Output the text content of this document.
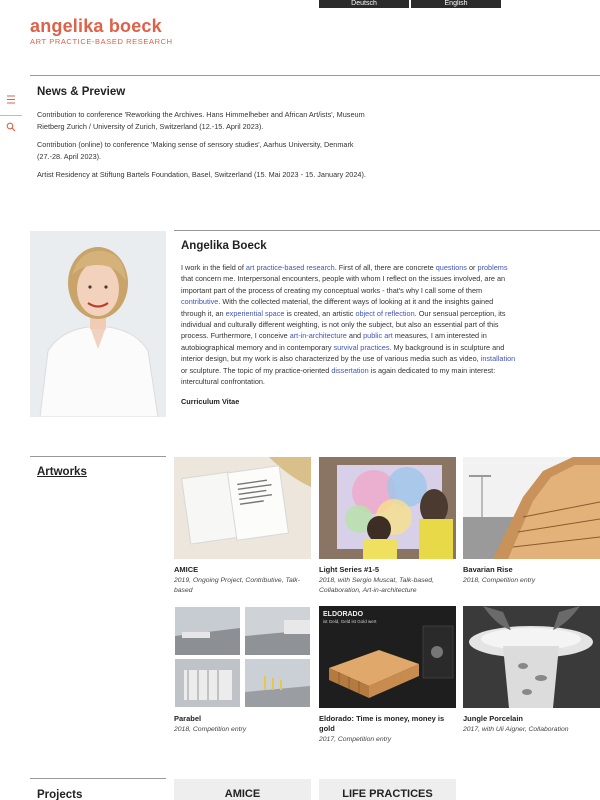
Deutsch	English
angelika boeck
ART PRACTICE-BASED RESEARCH
News & Preview

Contribution to conference 'Reworking the Archives. Hans Himmelheber and African Art/ists', Museum Rietberg Zurich / University of Zurich, Switzerland (12.-15. April 2023).

Contribution (online) to conference 'Making sense of sensory studies', Aarhus University, Denmark (27.-28. April 2023).

Artist Residency at Stiftung Bartels Foundation, Basel, Switzerland (15. Mai 2023 - 15. January 2024).

Angelika Boeck

I work in the field of art practice-based research. First of all, there are concrete questions or problems that concern me. Interpersonal encounters, people with whom I reflect on the issues involved, are an important part of the process of creating my conceptual works - that's why I call some of them contributive. With the collected material, the different ways of looking at it and the insights gained through it, an experiential space is created, an artistic object of reflection. Our sensual perception, its individual and culturally different weighting, is not only the subject, but also an essential part of this process. Furthermore, I conceive art-in-architecture and public art measures, I am interested in autobiographical memory and in contemporary survival practices. My background is in sculpture and interior design, but my work is also characterized by the use of various media such as video, installation or sculpture. The topic of my practice-oriented dissertation is again dedicated to my main interest: intercultural confrontation.

Curriculum Vitae
Artworks
AMICE
2019, Ongoing Project, Contributive, Talk-based
Light Series #1-5
2018, with Sergio Muscat, Talk-based, Collaboration, Art-in-architecture
Bavarian Rise
2018, Competition entry
Parabel
2018, Competition entry
ELDORADO
ist Geld, Geld ist Gold wert
Eldorado: Time is money, money is gold
2017, Competition entry
Jungle Porcelain
2017, with Uli Aigner, Collaboration
Projects	AMICE	LIFE PRACTICES
